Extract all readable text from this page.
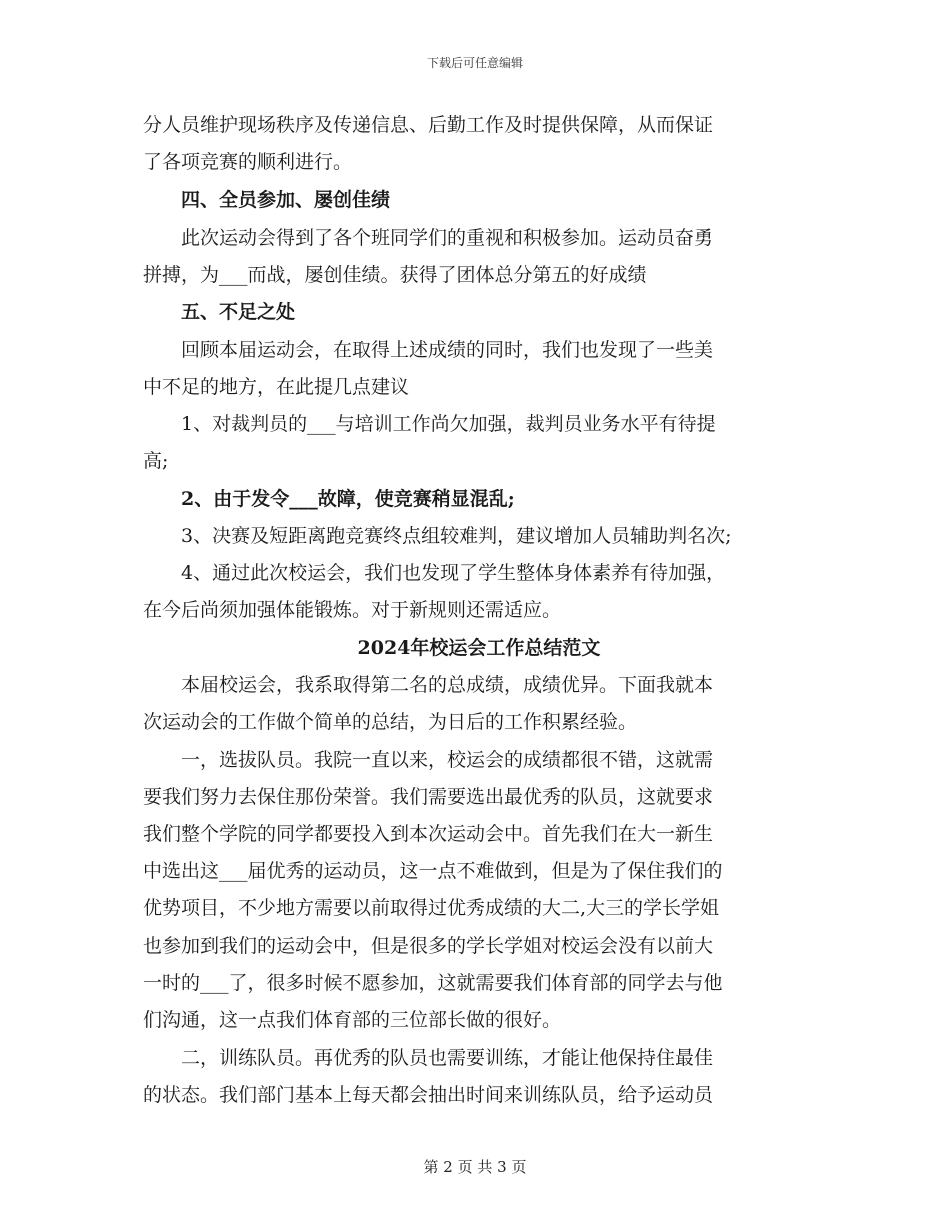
下载后可任意编辑
分人员维护现场秩序及传递信息、后勤工作及时提供保障，从而保证
了各项竞赛的顺利进行。
四、全员参加、屡创佳绩
此次运动会得到了各个班同学们的重视和积极参加。运动员奋勇
拼搏，为___而战，屡创佳绩。获得了团体总分第五的好成绩
五、不足之处
回顾本届运动会，在取得上述成绩的同时，我们也发现了一些美
中不足的地方，在此提几点建议
1、对裁判员的___与培训工作尚欠加强，裁判员业务水平有待提
高;
2、由于发令___故障，使竞赛稍显混乱;
3、决赛及短距离跑竞赛终点组较难判，建议增加人员辅助判名次;
4、通过此次校运会，我们也发现了学生整体身体素养有待加强，
在今后尚须加强体能锻炼。对于新规则还需适应。
2024年校运会工作总结范文
本届校运会，我系取得第二名的总成绩，成绩优异。下面我就本
次运动会的工作做个简单的总结，为日后的工作积累经验。
一，选拔队员。我院一直以来，校运会的成绩都很不错，这就需
要我们努力去保住那份荣誉。我们需要选出最优秀的队员，这就要求
我们整个学院的同学都要投入到本次运动会中。首先我们在大一新生
中选出这___届优秀的运动员，这一点不难做到，但是为了保住我们的
优势项目，不少地方需要以前取得过优秀成绩的大二,大三的学长学姐
也参加到我们的运动会中，但是很多的学长学姐对校运会没有以前大
一时的___了，很多时候不愿参加，这就需要我们体育部的同学去与他
们沟通，这一点我们体育部的三位部长做的很好。
二，训练队员。再优秀的队员也需要训练，才能让他保持住最佳
的状态。我们部门基本上每天都会抽出时间来训练队员，给予运动员
第 2 页 共 3 页
